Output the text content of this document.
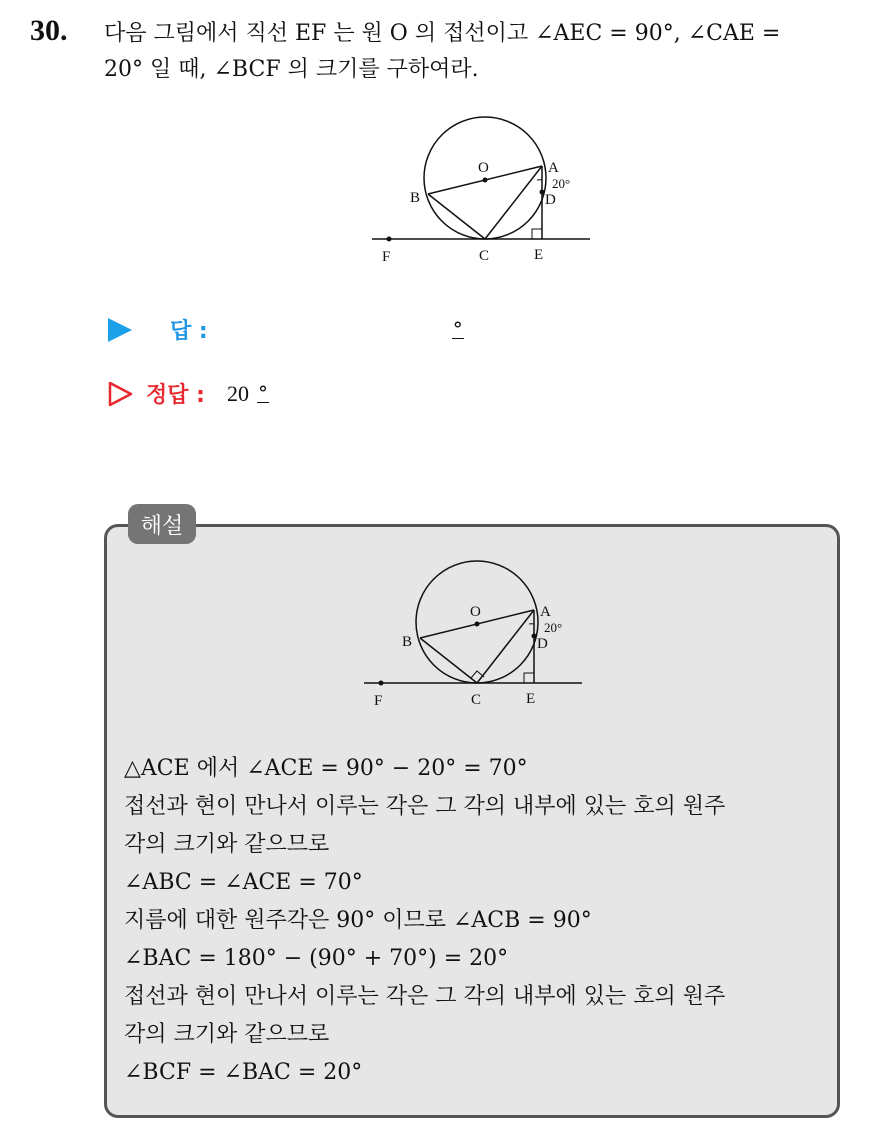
30. 다음 그림에서 직선 EF 는 원 O 의 접선이고 ∠AEC = 90°, ∠CAE =
20° 일 때, ∠BCF 의 크기를 구하여라.
O	A
B
C
D
E
F
20°
답 :	°
정답 : 20 °
해설
O	A
B
C
D
E
F
20°
△ACE 에서 ∠ACE = 90° − 20° = 70°
접선과 현이 만나서 이루는 각은 그 각의 내부에 있는 호의 원주
각의 크기와 같으므로
∠ABC = ∠ACE = 70°
지름에 대한 원주각은 90° 이므로 ∠ACB = 90°
∠BAC = 180° − (90° + 70°) = 20°
접선과 현이 만나서 이루는 각은 그 각의 내부에 있는 호의 원주
각의 크기와 같으므로
∠BCF = ∠BAC = 20°
